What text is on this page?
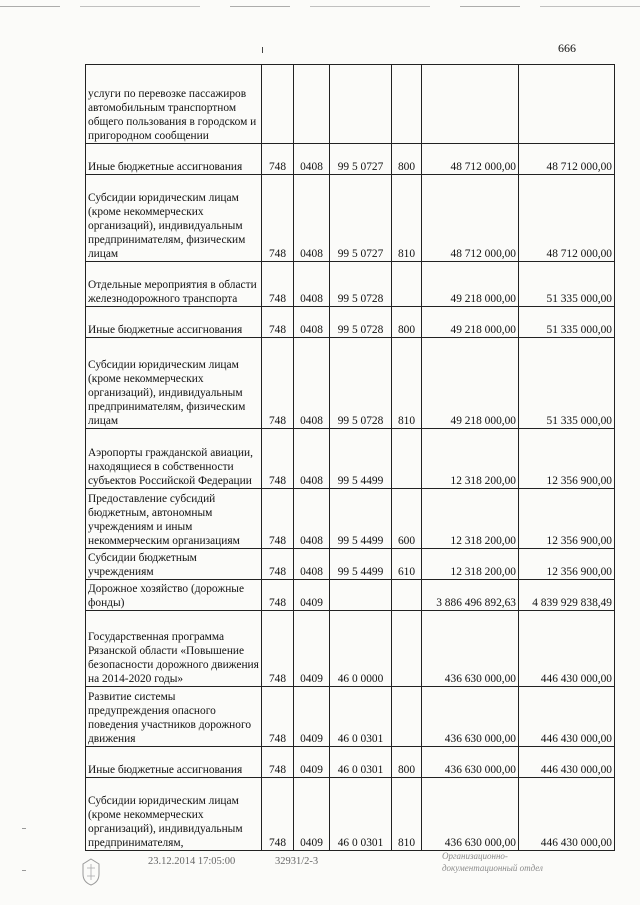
666
услуги по перевозке пассажиров автомобильным транспортном общего пользования в городском и пригородном сообщении						
Иные бюджетные ассигнования	748	0408	99 5 0727	800	48 712 000,00	48 712 000,00
Субсидии юридическим лицам (кроме некоммерческих организаций), индивидуальным предпринимателям, физическим лицам	748	0408	99 5 0727	810	48 712 000,00	48 712 000,00
Отдельные мероприятия в области железнодорожного транспорта	748	0408	99 5 0728		49 218 000,00	51 335 000,00
Иные бюджетные ассигнования	748	0408	99 5 0728	800	49 218 000,00	51 335 000,00
Субсидии юридическим лицам (кроме некоммерческих организаций), индивидуальным предпринимателям, физическим лицам	748	0408	99 5 0728	810	49 218 000,00	51 335 000,00
Аэропорты гражданской авиации, находящиеся в собственности субъектов Российской Федерации	748	0408	99 5 4499		12 318 200,00	12 356 900,00
Предоставление субсидий бюджетным, автономным учреждениям и иным некоммерческим организациям	748	0408	99 5 4499	600	12 318 200,00	12 356 900,00
Субсидии бюджетным учреждениям	748	0408	99 5 4499	610	12 318 200,00	12 356 900,00
Дорожное хозяйство (дорожные фонды)	748	0409			3 886 496 892,63	4 839 929 838,49
Государственная программа Рязанской области «Повышение безопасности дорожного движения на 2014-2020 годы»	748	0409	46 0 0000		436 630 000,00	446 430 000,00
Развитие системы предупреждения опасного поведения участников дорожного движения	748	0409	46 0 0301		436 630 000,00	446 430 000,00
Иные бюджетные ассигнования	748	0409	46 0 0301	800	436 630 000,00	446 430 000,00
Субсидии юридическим лицам (кроме некоммерческих организаций), индивидуальным предпринимателям,	748	0409	46 0 0301	810	436 630 000,00	446 430 000,00
23.12.2014 17:05:00	32931/2-3	Организационно-
документационный отдел
